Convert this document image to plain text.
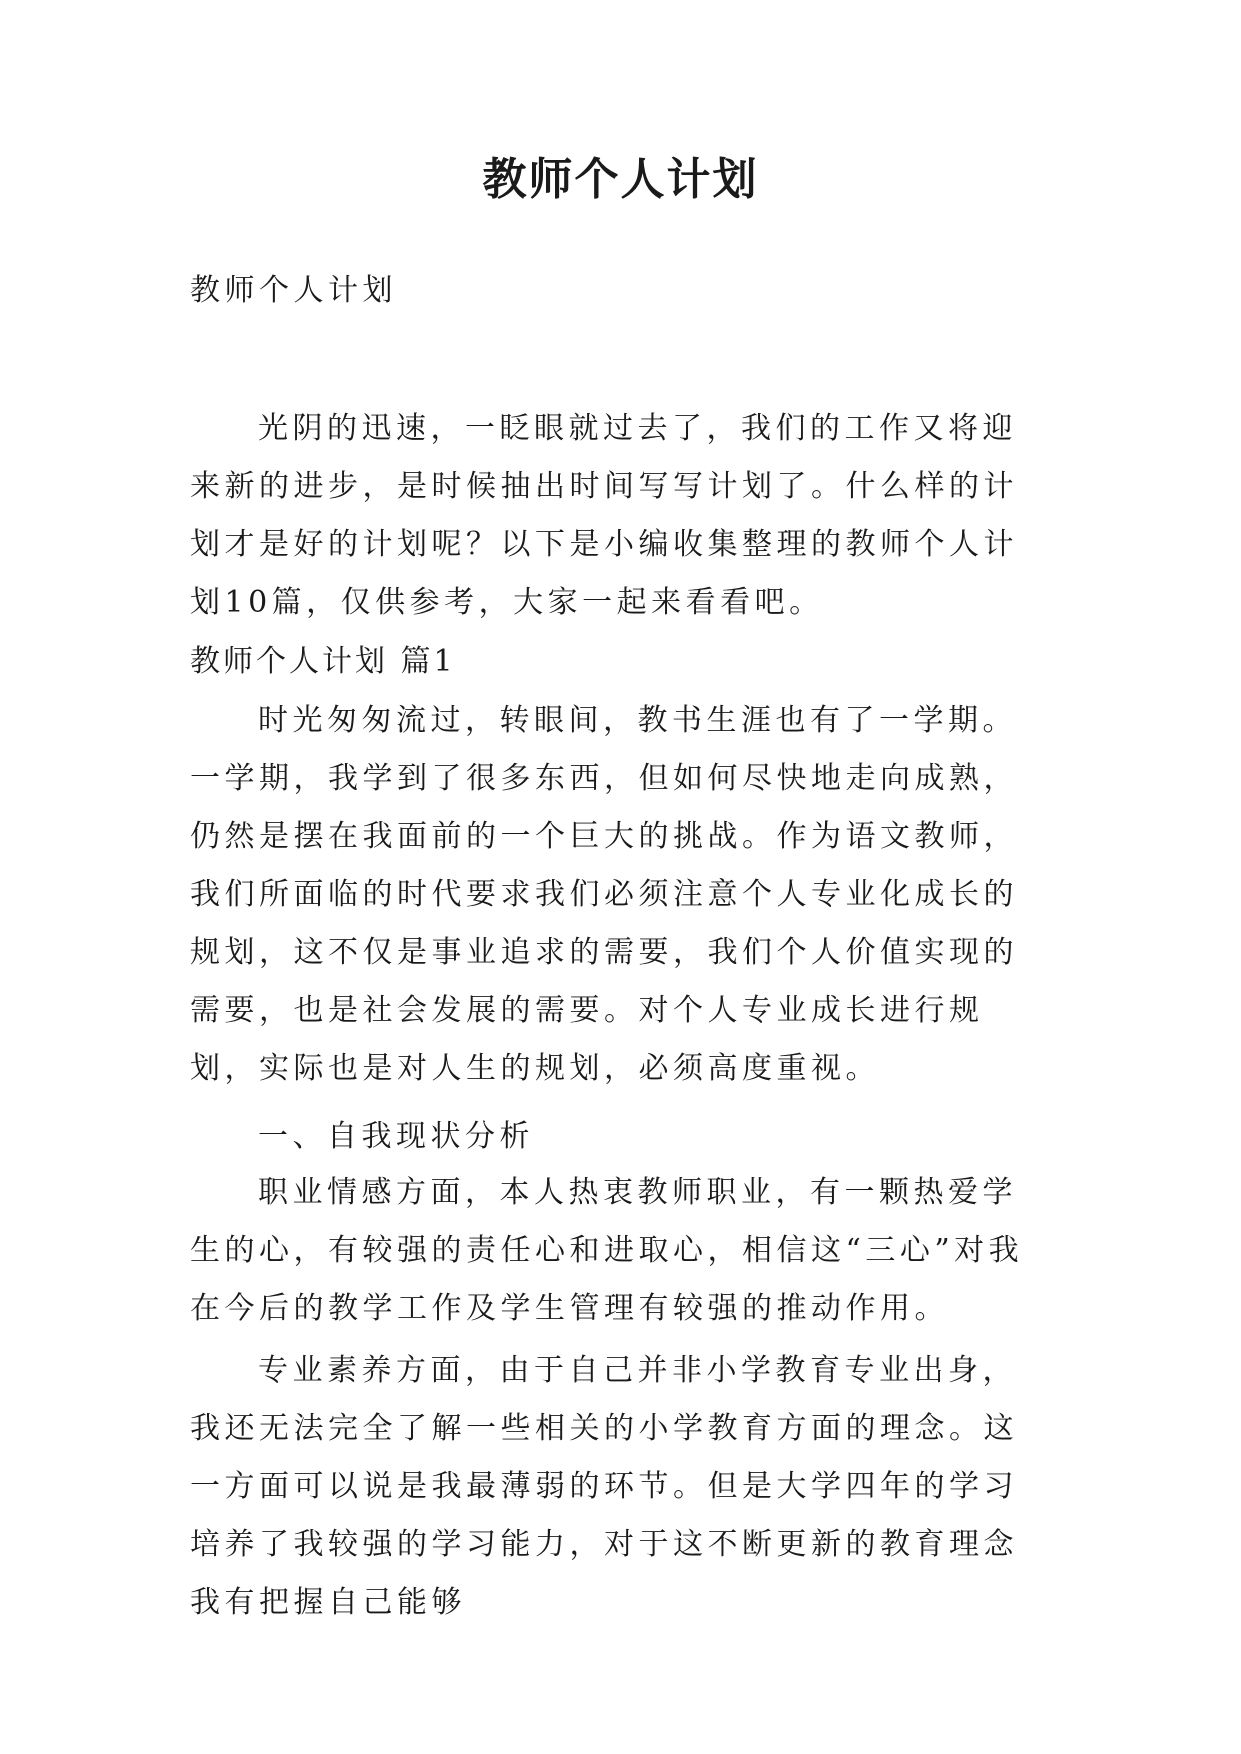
教师个人计划

教师个人计划

光阴的迅速，一眨眼就过去了，我们的工作又将迎来新的进步，是时候抽出时间写写计划了。什么样的计划才是好的计划呢？以下是小编收集整理的教师个人计划10篇，仅供参考，大家一起来看看吧。

教师个人计划 篇1

时光匆匆流过，转眼间，教书生涯也有了一学期。一学期，我学到了很多东西，但如何尽快地走向成熟，仍然是摆在我面前的一个巨大的挑战。作为语文教师，我们所面临的时代要求我们必须注意个人专业化成长的规划，这不仅是事业追求的需要，我们个人价值实现的需要，也是社会发展的需要。对个人专业成长进行规划，实际也是对人生的规划，必须高度重视。

一、自我现状分析

职业情感方面，本人热衷教师职业，有一颗热爱学生的心，有较强的责任心和进取心，相信这“三心”对我在今后的教学工作及学生管理有较强的推动作用。

专业素养方面，由于自己并非小学教育专业出身，我还无法完全了解一些相关的小学教育方面的理念。这一方面可以说是我最薄弱的环节。但是大学四年的学习培养了我较强的学习能力，对于这不断更新的教育理念我有把握自己能够
